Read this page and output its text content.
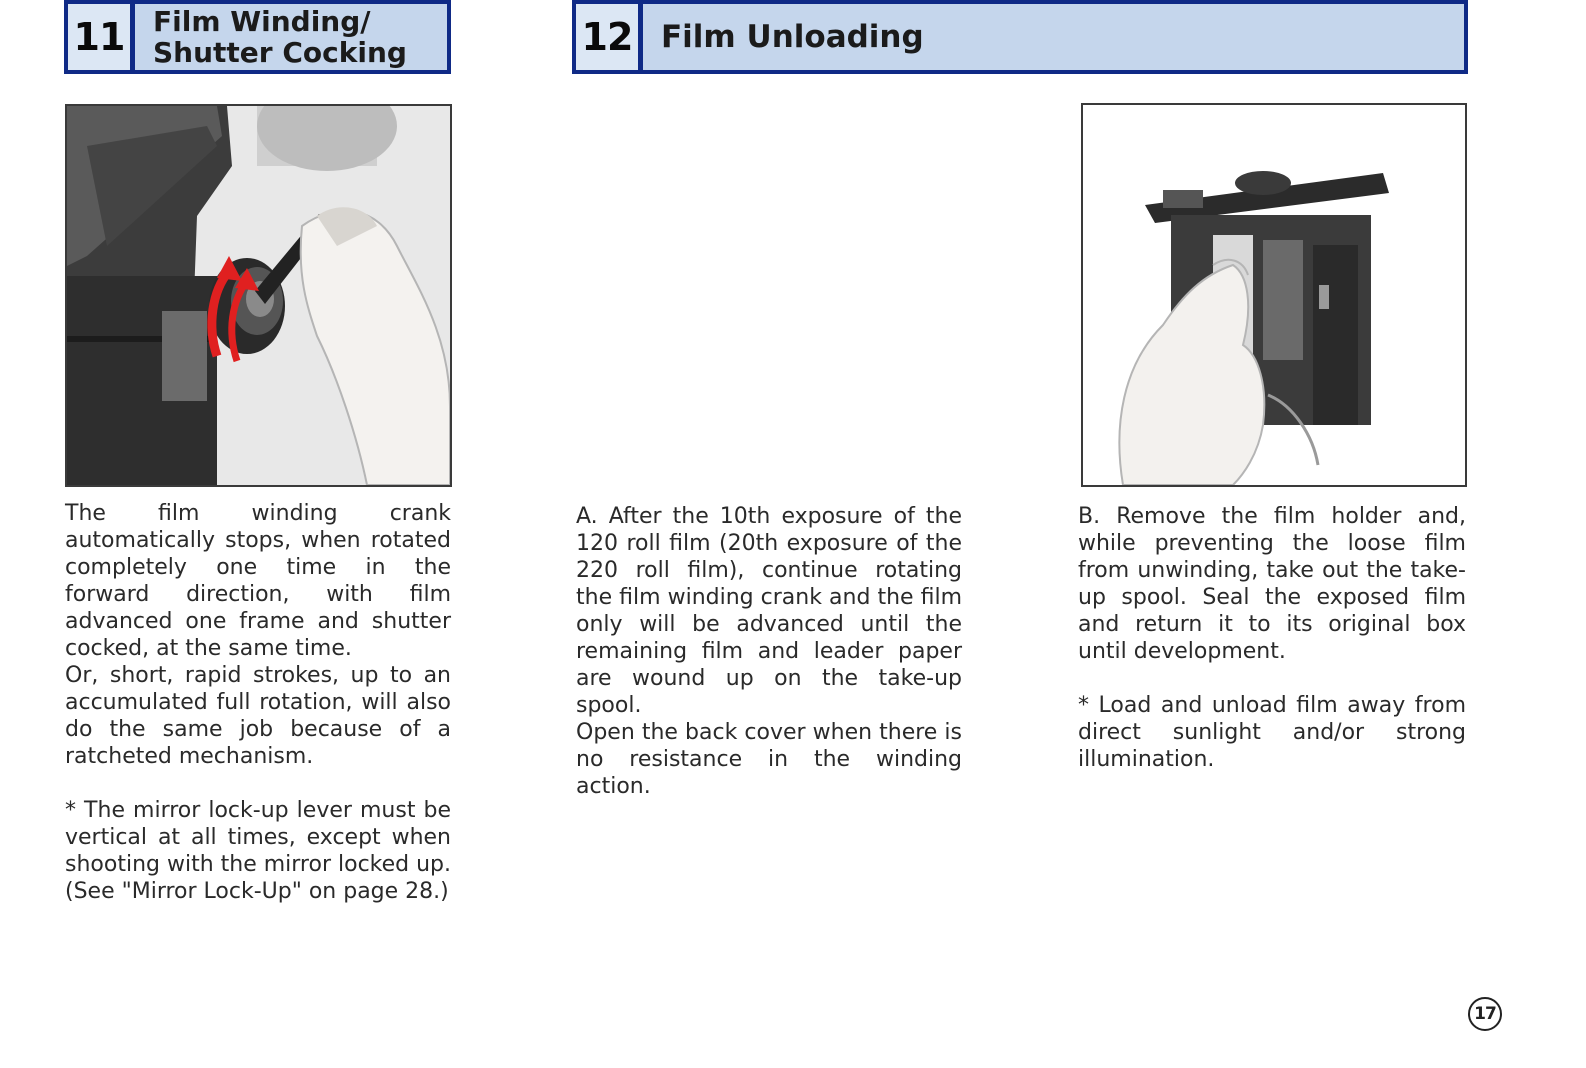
11	Film Winding/
Shutter Cocking	12 Film Unloading

The film winding crank automatically stops, when rotated completely one time in the forward direction, with film advanced one frame and shutter cocked, at the same time.

Or, short, rapid strokes, up to an accumulated full rotation, will also do the same job because of a ratcheted mechanism.

* The mirror lock-up lever must be vertical at all times, except when shooting with the mirror locked up.

(See "Mirror Lock-Up" on page 28.)

A. After the 10th exposure of the 120 roll film (20th exposure of the 220 roll film), continue rotating the film winding crank and the film only will be advanced until the remaining film and leader paper are wound up on the take-up spool.

Open the back cover when there is no resistance in the winding action.

B. Remove the film holder and, while preventing the loose film from unwinding, take out the take-up spool. Seal the exposed film and return it to its original box until development.

* Load and unload film away from direct sunlight and/or strong illumination.

17
